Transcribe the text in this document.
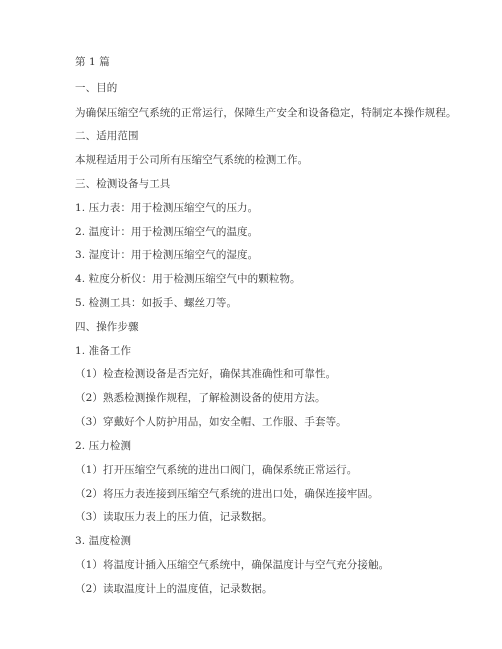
第 1 篇
一、目的
为确保压缩空气系统的正常运行，保障生产安全和设备稳定，特制定本操作规程。
二、适用范围
本规程适用于公司所有压缩空气系统的检测工作。
三、检测设备与工具
1. 压力表：用于检测压缩空气的压力。
2. 温度计：用于检测压缩空气的温度。
3. 湿度计：用于检测压缩空气的湿度。
4. 粒度分析仪：用于检测压缩空气中的颗粒物。
5. 检测工具：如扳手、螺丝刀等。
四、操作步骤
1. 准备工作
（1）检查检测设备是否完好，确保其准确性和可靠性。
（2）熟悉检测操作规程，了解检测设备的使用方法。
（3）穿戴好个人防护用品，如安全帽、工作服、手套等。
2. 压力检测
（1）打开压缩空气系统的进出口阀门，确保系统正常运行。
（2）将压力表连接到压缩空气系统的进出口处，确保连接牢固。
（3）读取压力表上的压力值，记录数据。
3. 温度检测
（1）将温度计插入压缩空气系统中，确保温度计与空气充分接触。
（2）读取温度计上的温度值，记录数据。
